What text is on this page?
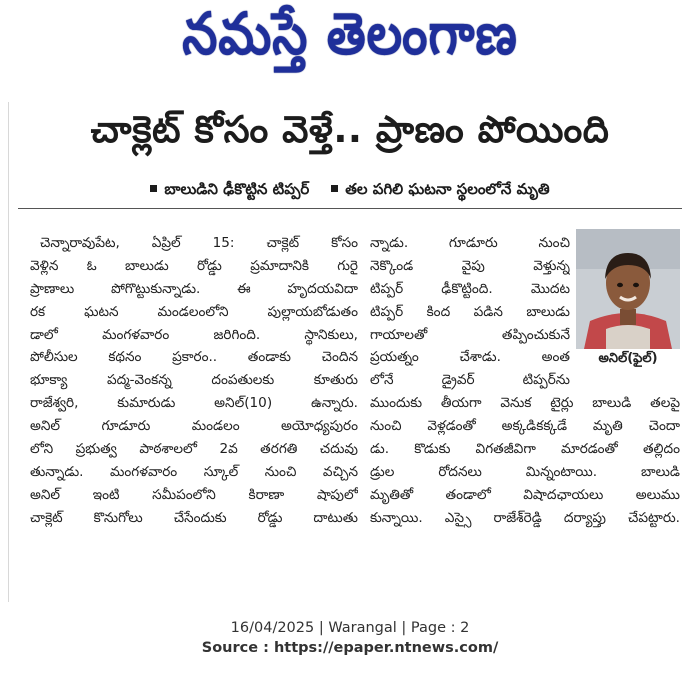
నమస్తే తెలంగాణ
చాక్లెట్ కోసం వెళ్తే.. ప్రాణం పోయింది
బాలుడిని ఢీకొట్టిన టిప్పర్ తల పగిలి ఘటనా స్థలంలోనే మృతి
చెన్నారావుపేట, ఏప్రిల్ 15: చాక్లెట్ కోసం
వెళ్లిన ఓ బాలుడు రోడ్డు ప్రమాదానికి గురై
ప్రాణాలు పోగొట్టుకున్నాడు. ఈ హృదయవిదా
రక ఘటన మండలంలోని పుల్లాయబోడుతం
డాలో మంగళవారం జరిగింది. స్థానికులు,
పోలీసుల కథనం ప్రకారం.. తండాకు చెందిన
భూక్యా పద్మ-వెంకన్న దంపతులకు కూతురు
రాజేశ్వరి, కుమారుడు అనిల్(10) ఉన్నారు.
అనిల్ గూడూరు మండలం అయోధ్యపురం
లోని ప్రభుత్వ పాఠశాలలో 2వ తరగతి చదువు
తున్నాడు. మంగళవారం స్కూల్ నుంచి వచ్చిన
అనిల్ ఇంటి సమీపంలోని కిరాణా షాపులో
చాక్లెట్ కొనుగోలు చేసేందుకు రోడ్డు దాటుతు
న్నాడు. గూడూరు నుంచి
నెక్కొండ వైపు వెళ్తున్న
టిప్పర్ ఢీకొట్టింది. మొదట
టిప్పర్ కింద పడిన బాలుడు
గాయాలతో తప్పించుకునే
ప్రయత్నం చేశాడు. అంత
లోనే డ్రైవర్ టిప్పర్‌ను
ముందుకు తీయగా వెనుక టైర్లు బాలుడి తలపై
నుంచి వెళ్లడంతో అక్కడికక్కడే మృతి చెందా
డు. కొడుకు విగతజీవిగా మారడంతో తల్లిదం
డ్రుల రోదనలు మిన్నంటాయి. బాలుడి
మృతితో తండాలో విషాదఛాయలు అలుము
కున్నాయి. ఎస్సై రాజేశ్‌రెడ్డి దర్యాప్తు చేపట్టారు.
అనిల్(ఫైల్)
16/04/2025 | Warangal | Page : 2
Source : https://epaper.ntnews.com/
